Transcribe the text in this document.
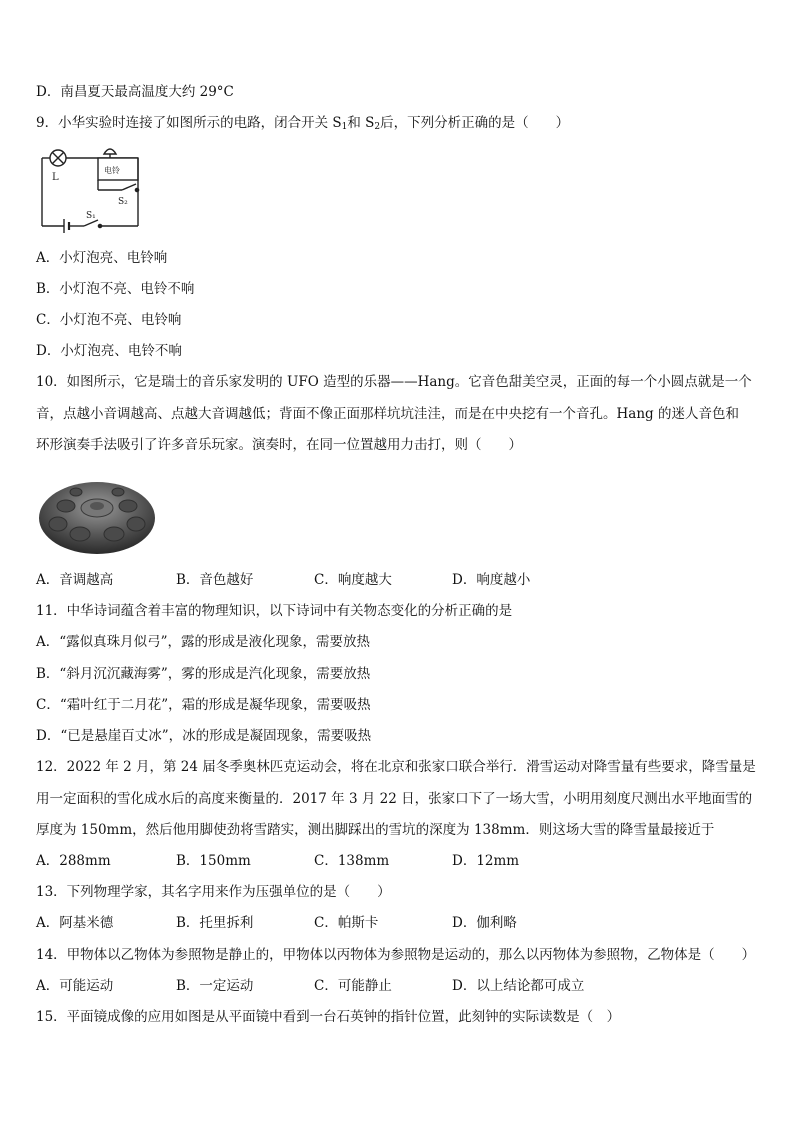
D．南昌夏天最高温度大约 29°C
9．小华实验时连接了如图所示的电路，闭合开关 $S_1$和 $S_2$后，下列分析正确的是（　　）
L
电铃
S₂
S₁
A．小灯泡亮、电铃响
B．小灯泡不亮、电铃不响
C．小灯泡不亮、电铃响
D．小灯泡亮、电铃不响
10．如图所示，它是瑞士的音乐家发明的 UFO 造型的乐器——Hang。它音色甜美空灵，正面的每一个小圆点就是一个
音，点越小音调越高、点越大音调越低；背面不像正面那样坑坑洼洼，而是在中央挖有一个音孔。Hang 的迷人音色和
环形演奏手法吸引了许多音乐玩家。演奏时，在同一位置越用力击打，则（　　）
A．音调越高	B．音色越好	C．响度越大	D．响度越小
11．中华诗词蕴含着丰富的物理知识，以下诗词中有关物态变化的分析正确的是
A．“露似真珠月似弓”，露的形成是液化现象，需要放热
B．“斜月沉沉藏海雾”，雾的形成是汽化现象，需要放热
C．“霜叶红于二月花”，霜的形成是凝华现象，需要吸热
D．“已是悬崖百丈冰”，冰的形成是凝固现象，需要吸热
12．2022 年 2 月，第 24 届冬季奥林匹克运动会，将在北京和张家口联合举行．滑雪运动对降雪量有些要求，降雪量是
用一定面积的雪化成水后的高度来衡量的．2017 年 3 月 22 日，张家口下了一场大雪，小明用刻度尺测出水平地面雪的
厚度为 150mm，然后他用脚使劲将雪踏实，测出脚踩出的雪坑的深度为 138mm．则这场大雪的降雪量最接近于
A．288mm	B．150mm	C．138mm	D．12mm
13．下列物理学家，其名字用来作为压强单位的是（　　）
A．阿基米德	B．托里拆利	C．帕斯卡	D．伽利略
14．甲物体以乙物体为参照物是静止的，甲物体以丙物体为参照物是运动的，那么以丙物体为参照物，乙物体是（　　）
A．可能运动	B．一定运动	C．可能静止	D．以上结论都可成立
15．平面镜成像的应用如图是从平面镜中看到一台石英钟的指针位置，此刻钟的实际读数是（　）
